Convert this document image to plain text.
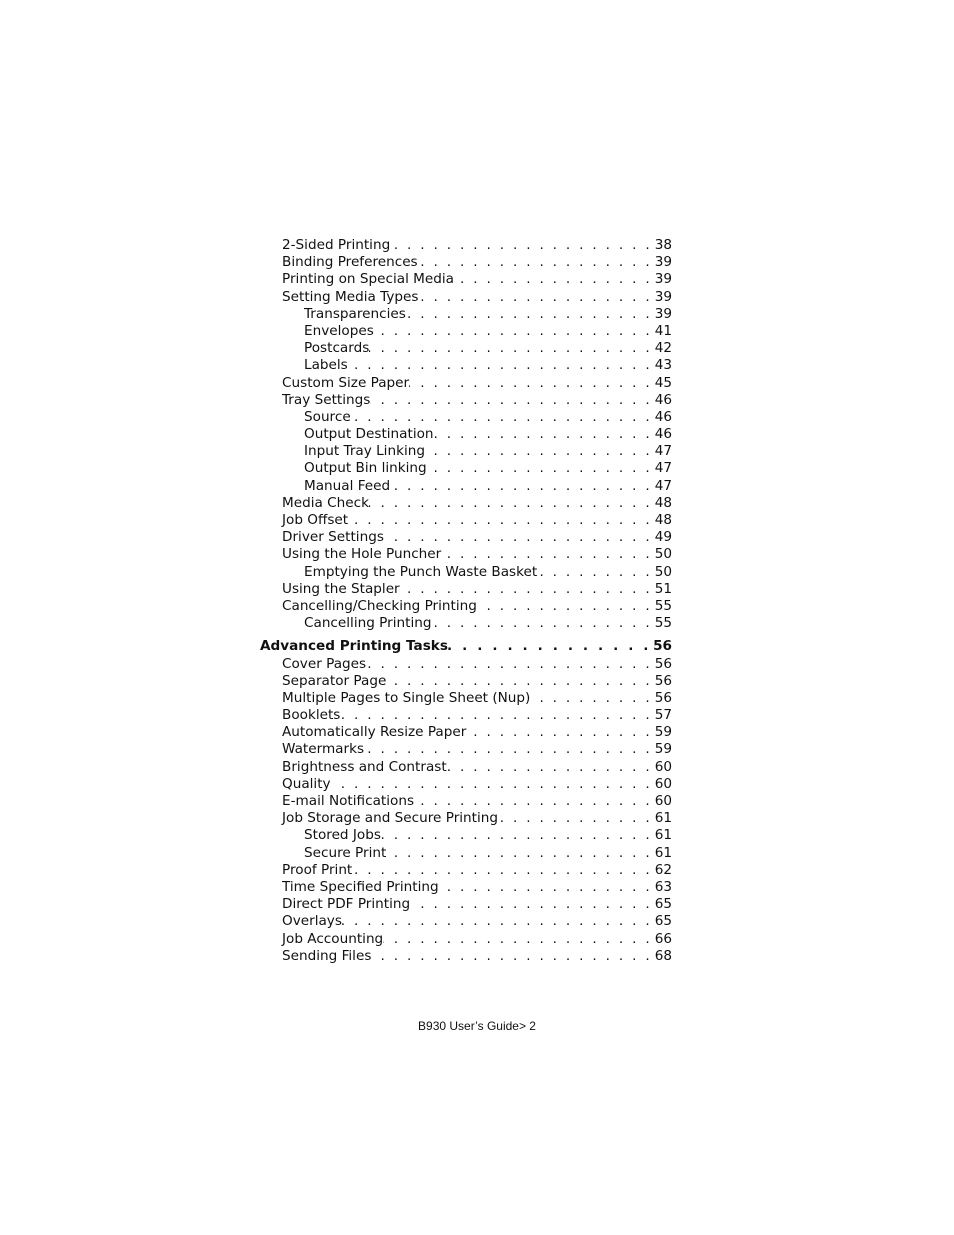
2-Sided Printing . . .	38
Binding Preferences . . .	39
Printing on Special Media . . .	39
Setting Media Types . . .	39
Transparencies . . .	39
Envelopes . . .	41
Postcards . . .	42
Labels . . .	43
Custom Size Paper . . .	45
Tray Settings . . .	46
Source . . .	46
Output Destination . . .	46
Input Tray Linking . . .	47
Output Bin linking . . .	47
Manual Feed . . .	47
Media Check . . .	48
Job Offset . . .	48
Driver Settings . . .	49
Using the Hole Puncher . . .	50
Emptying the Punch Waste Basket . . .	50
Using the Stapler . . .	51
Cancelling/Checking Printing . . .	55
Cancelling Printing . . .	55
Advanced Printing Tasks . . .	56
Cover Pages . . .	56
Separator Page . . .	56
Multiple Pages to Single Sheet (Nup) . . .	56
Booklets . . .	57
Automatically Resize Paper . . .	59
Watermarks . . .	59
Brightness and Contrast . . .	60
Quality . . .	60
E-mail Notifications . . .	60
Job Storage and Secure Printing . . .	61
Stored Jobs . . .	61
Secure Print . . .	61
Proof Print . . .	62
Time Specified Printing . . .	63
Direct PDF Printing . . .	65
Overlays . . .	65
Job Accounting . . .	66
Sending Files . . .	68
B930 User’s Guide> 2
